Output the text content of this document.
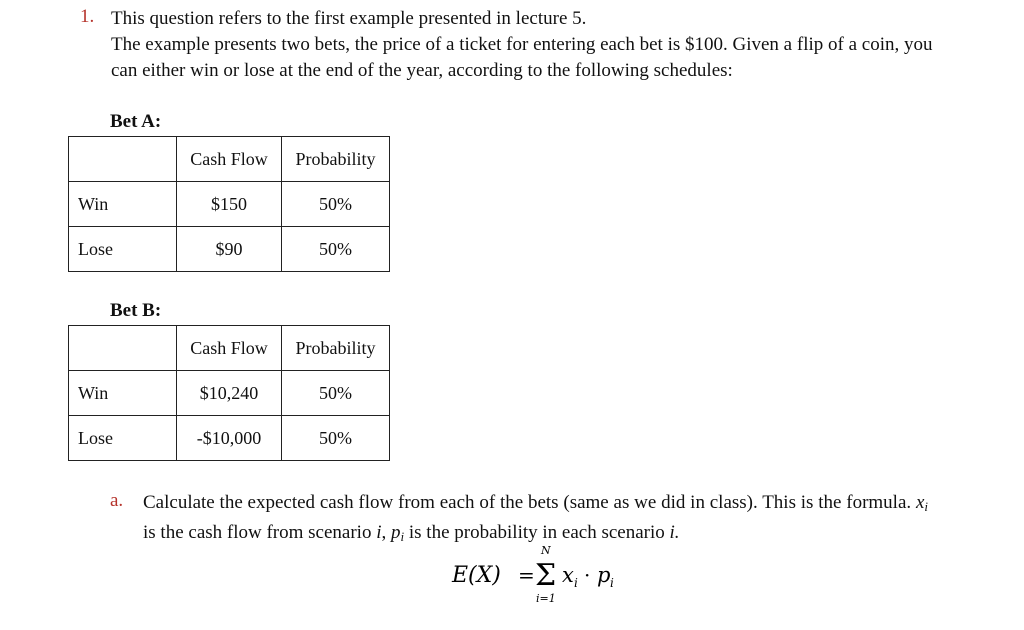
1. This question refers to the first example presented in lecture 5.

The example presents two bets, the price of a ticket for entering each bet is $100. Given a flip of a coin, you can either win or lose at the end of the year, according to the following schedules:

Bet A:
	Cash Flow	Probability
Win	$150	50%
Lose	$90	50%
Bet B:
	Cash Flow	Probability
Win	$10,240	50%
Lose	-$10,000	50%
a. Calculate the expected cash flow from each of the bets (same as we did in class). This is the formula. xi is the cash flow from scenario i, pi is the probability in each scenario i.
E(X) =
N
Σ
i=1
x i · p i
